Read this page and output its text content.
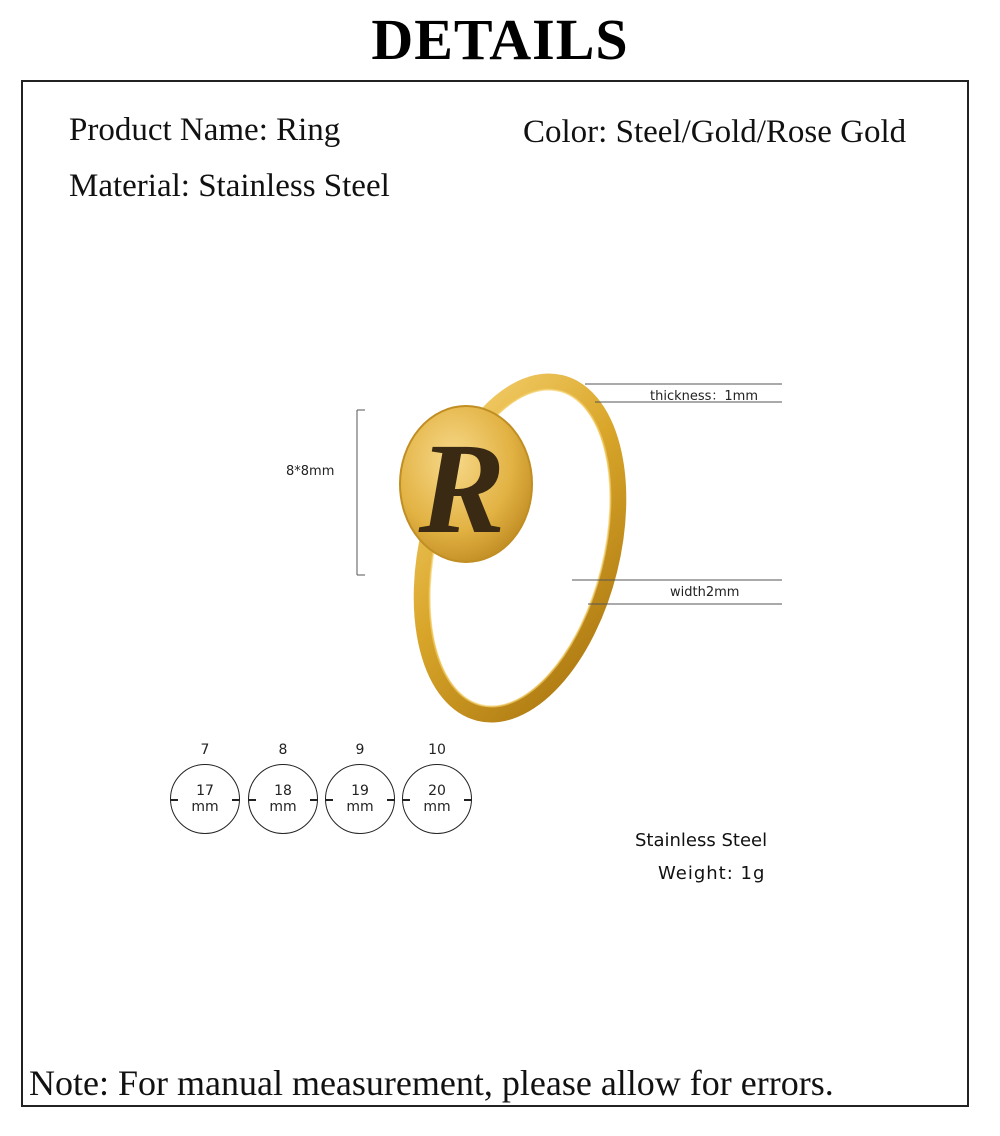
DETAILS
Product Name: Ring
Material: Stainless Steel
Color: Steel/Gold/Rose Gold
Note: For manual measurement, please allow for errors.
R
8*8mm
thickness：1mm
width2mm
7
17
mm
8
18
mm
9
19
mm
10
20
mm
Stainless Steel
Weight: 1g
